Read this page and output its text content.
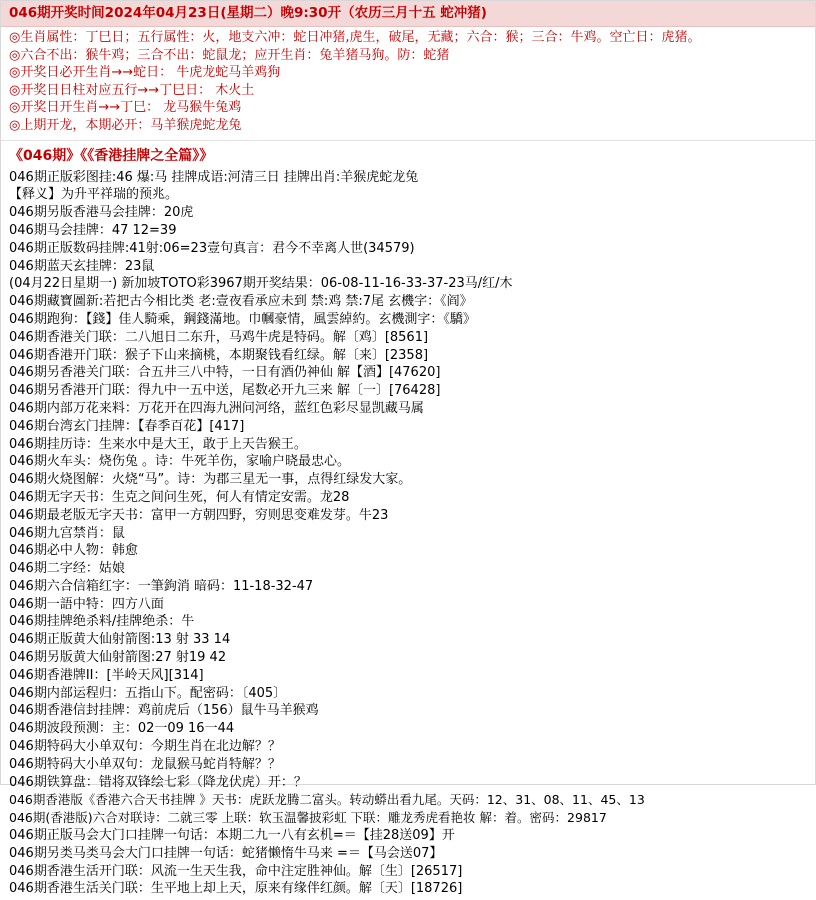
046期开奖时间2024年04月23日(星期二）晚9:30开（农历三月十五 蛇冲猪)
◎生肖属性：丁巳日；五行属性：火，地支六冲：蛇日冲猪,虎生，破尾，无藏；六合：猴；三合：牛鸡。空亡日：虎猪。
◎六合不出：猴牛鸡；三合不出：蛇鼠龙；应开生肖：兔羊猪马狗。防：蛇猪
◎开奖日必开生肖→→蛇日： 牛虎龙蛇马羊鸡狗
◎开奖日日柱对应五行→→丁巳日： 木火土
◎开奖日开生肖→→丁巳： 龙马猴牛兔鸡
◎上期开龙，本期必开：马羊猴虎蛇龙兔
《046期》《《香港挂牌之全篇》》
046期正版彩图挂:46 爆:马 挂牌成语:河清三日 挂牌出肖:羊猴虎蛇龙兔
【释义】为升平祥瑞的预兆。
046期另版香港马会挂牌：20虎
046期马会挂牌：47 12=39
046期正版数码挂牌:41射:06=23壹句真言：君今不幸离人世(34579)
046期蓝天玄挂牌：23鼠
(04月22日星期一) 新加坡TOTO彩3967期开奖结果：06-08-11-16-33-37-23马/红/木
046期藏寶圖新:若把古今相比类 老:壹夜看承应未到 禁:鸡 禁:7尾 玄機字：《阎》
046期跑狗：【錢】佳人騎乘，鋼錢滿地。巾幗豪情，風雲綽約。玄機測字：《驕》
046期香港关门联：二八旭日二东升，马鸡牛虎是特码。解〔鸡〕[8561]
046期香港开门联：猴子下山来摘桃，本期聚钱看红绿。解〔来〕[2358]
046期另香港关门联：合五井三八中特，一日有酒仍神仙 解【酒】[47620]
046期另香港开门联：得九中一五中送，尾数必开九三来 解〔一〕[76428]
046期内部万花来料：万花开在四海九洲问河络，蓝红色彩尽显凯藏马属
046期台湾玄门挂牌：【春季百花】[417]
046期挂历诗：生来水中是大王，敢于上天告猴王。
046期火车头：烧伤兔 。诗：牛死羊伤，家喻户晓最忠心。
046期火烧图解：火烧“马”。诗：为郡三星无一事，点得红绿发大家。
046期无字天书：生克之间问生死，何人有情定安需。龙28
046期最老版无字天书：富甲一方朝四野，穷则思变难发芽。牛23
046期九宫禁肖：鼠
046期必中人物：韩愈
046期二字经：姑娘
046期六合信箱红字：一筆鉤消 暗码：11-18-32-47
046期一語中特：四方八面
046期挂牌绝杀料/挂牌绝杀：牛
046期正版黄大仙射箭图:13 射 33 14
046期另版黄大仙射箭图:27 射19 42
046期香港牌II：[半岭天风][314]
046期内部运程归：五指山下。配密码：〔405〕
046期香港信封挂牌：鸡前虎后（156）鼠牛马羊猴鸡
046期波段预测：主：02一09 16一44
046期特码大小单双句：今期生肖在北边解？？
046期特码大小单双句：龙鼠猴马蛇肖特解？？
046期铁算盘：错将双锋绘七彩（降龙伏虎）开：？
046期香港版《香港六合天书挂牌 》天书：虎跃龙腾二富头。转动蟒出看九尾。天码：12、31、08、11、45、13
046期(香港版)六合对联诗：二就三零 上联：软玉温馨披彩虹 下联：雕龙秀虎看艳妆 解：着。密码：29817
046期正版马会大门口挂牌一句话：本期二九一八有玄机=＝【挂28送09】开
046期另类马类马会大门口挂牌一句话：蛇猪懒惰牛马来 =＝【马会送07】
046期香港生活开门联：风流一生天生我，命中注定胜神仙。解〔生〕[26517]
046期香港生活关门联：生平地上却上天，原来有缘伴红颜。解〔天〕[18726]
